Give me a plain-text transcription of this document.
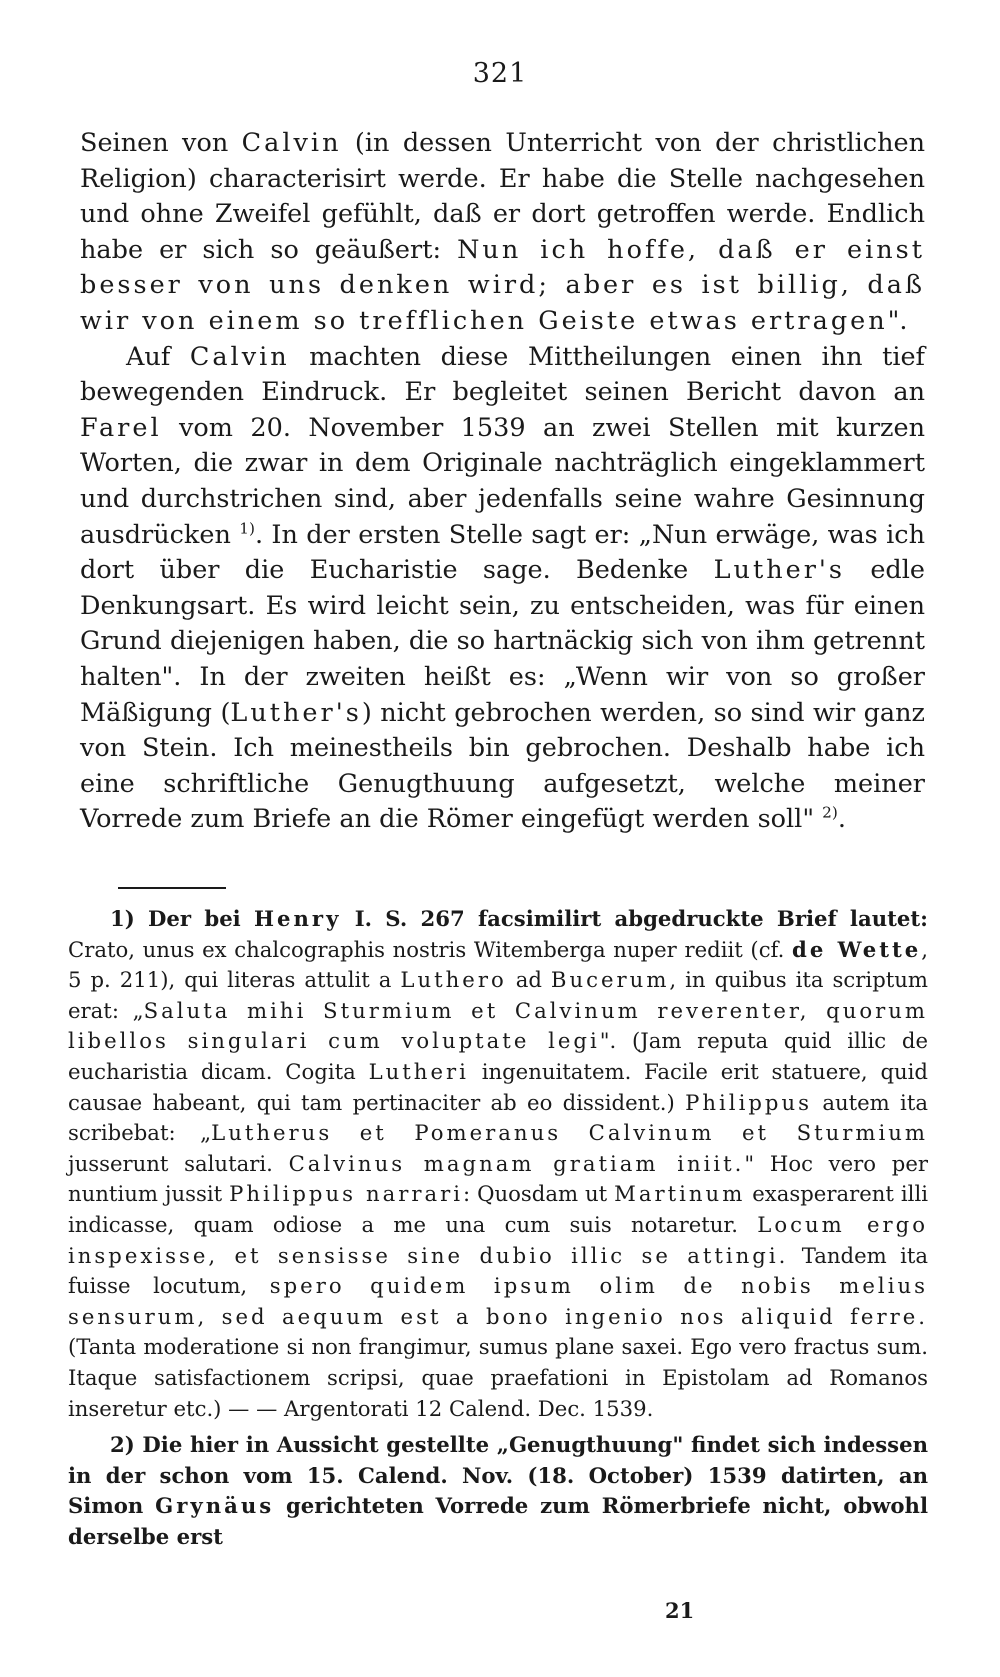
321

Seinen von Calvin (in dessen Unterricht von der christlichen Religion) characterisirt werde. Er habe die Stelle nachgesehen und ohne Zweifel gefühlt, daß er dort getroffen werde. Endlich habe er sich so geäußert: Nun ich hoffe, daß er einst besser von uns denken wird; aber es ist billig, daß wir von einem so trefflichen Geiste etwas ertragen".

Auf Calvin machten diese Mittheilungen einen ihn tief bewegenden Eindruck. Er begleitet seinen Bericht davon an Farel vom 20. November 1539 an zwei Stellen mit kurzen Worten, die zwar in dem Originale nachträglich eingeklammert und durchstrichen sind, aber jedenfalls seine wahre Gesinnung ausdrücken $^{1)}$. In der ersten Stelle sagt er: „Nun erwäge, was ich dort über die Eucharistie sage. Bedenke Luther's edle Denkungsart. Es wird leicht sein, zu entscheiden, was für einen Grund diejenigen haben, die so hartnäckig sich von ihm getrennt halten". In der zweiten heißt es: „Wenn wir von so großer Mäßigung (Luther's) nicht gebrochen werden, so sind wir ganz von Stein. Ich meinestheils bin gebrochen. Deshalb habe ich eine schriftliche Genugthuung aufgesetzt, welche meiner Vorrede zum Briefe an die Römer eingefügt werden soll" $^{2)}$.

1) Der bei Henry I. S. 267 facsimilirt abgedruckte Brief lautet: Crato, unus ex chalcographis nostris Witemberga nuper rediit (cf. de Wette, 5 p. 211), qui literas attulit a Luthero ad Bucerum, in quibus ita scriptum erat: „Saluta mihi Sturmium et Calvinum reverenter, quorum libellos singulari cum voluptate legi". (Jam reputa quid illic de eucharistia dicam. Cogita Lutheri ingenuitatem. Facile erit statuere, quid causae habeant, qui tam pertinaciter ab eo dissident.) Philippus autem ita scribebat: „Lutherus et Pomeranus Calvinum et Sturmium jusserunt salutari. Calvinus magnam gratiam iniit." Hoc vero per nuntium jussit Philippus narrari: Quosdam ut Martinum exasperarent illi indicasse, quam odiose a me una cum suis notaretur. Locum ergo inspexisse, et sensisse sine dubio illic se attingi. Tandem ita fuisse locutum, spero quidem ipsum olim de nobis melius sensurum, sed aequum est a bono ingenio nos aliquid ferre. (Tanta moderatione si non frangimur, sumus plane saxei. Ego vero fractus sum. Itaque satisfactionem scripsi, quae praefationi in Epistolam ad Romanos inseretur etc.) — — Argentorati 12 Calend. Dec. 1539.

2) Die hier in Aussicht gestellte „Genugthuung" findet sich indessen in der schon vom 15. Calend. Nov. (18. October) 1539 datirten, an Simon Grynäus gerichteten Vorrede zum Römerbriefe nicht, obwohl derselbe erst

21
